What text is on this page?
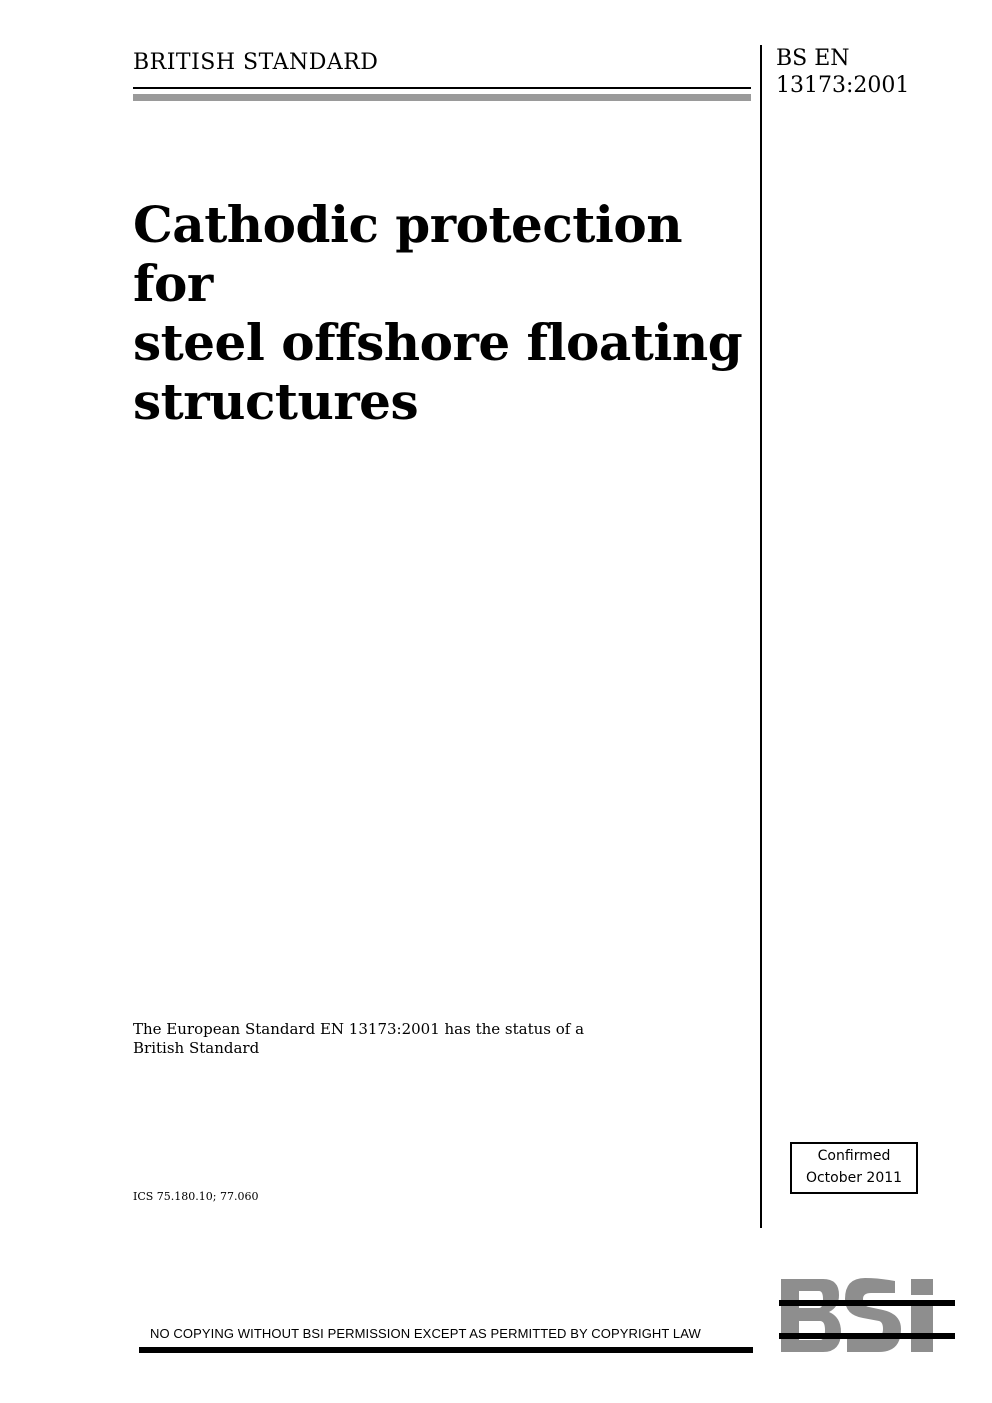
BRITISH STANDARD	BS EN
13173:2001
Cathodic protection for
steel offshore floating
structures
The European Standard EN 13173:2001 has the status of a
British Standard
ICS 75.180.10; 77.060
Confirmed
October 2011
NO COPYING WITHOUT BSI PERMISSION EXCEPT AS PERMITTED BY COPYRIGHT LAW
